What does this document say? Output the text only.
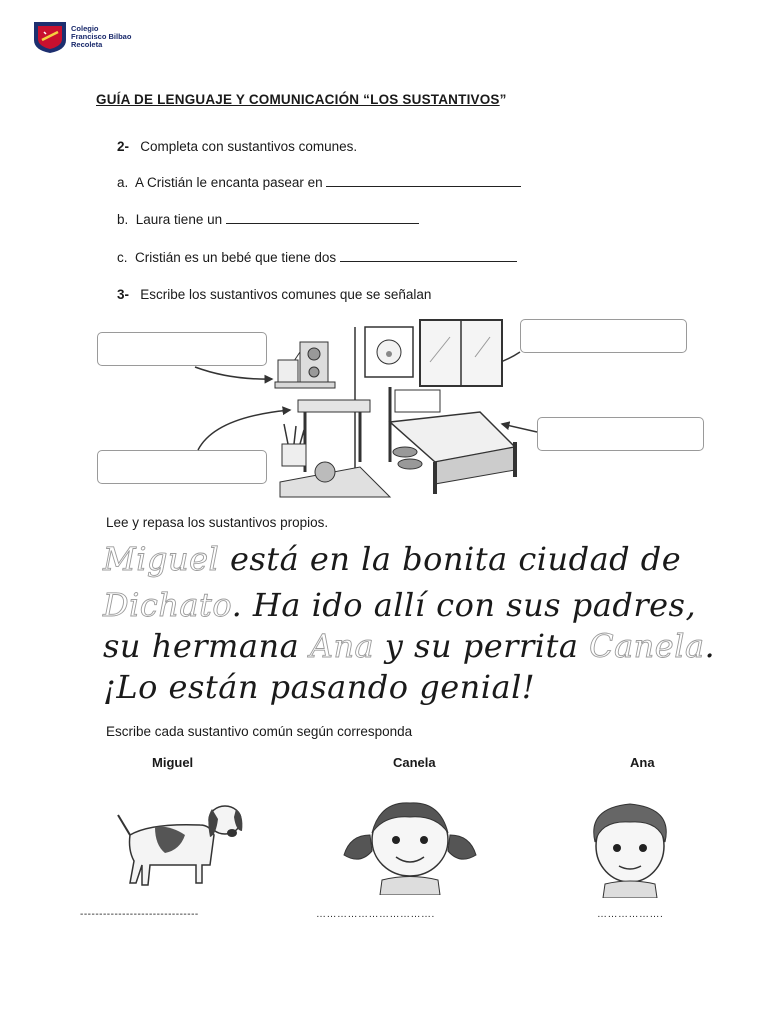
Colegio
Francisco Bilbao
Recoleta
GUÍA DE LENGUAJE Y COMUNICACIÓN “LOS SUSTANTIVOS”
2- Completa con sustantivos comunes.
a. A Cristián le encanta pasear en
b. Laura tiene un
c. Cristián es un bebé que tiene dos
3- Escribe los sustantivos comunes que se señalan
Lee y repasa los sustantivos propios.
Miguel está en la bonita ciudad de
Dichato. Ha ido allí con sus padres,
su hermana Ana y su perrita Canela.
¡Lo están pasando genial!
Escribe cada sustantivo común según corresponda
Miguel	Canela	Ana
-------------------------------	…………………………….	……………….
